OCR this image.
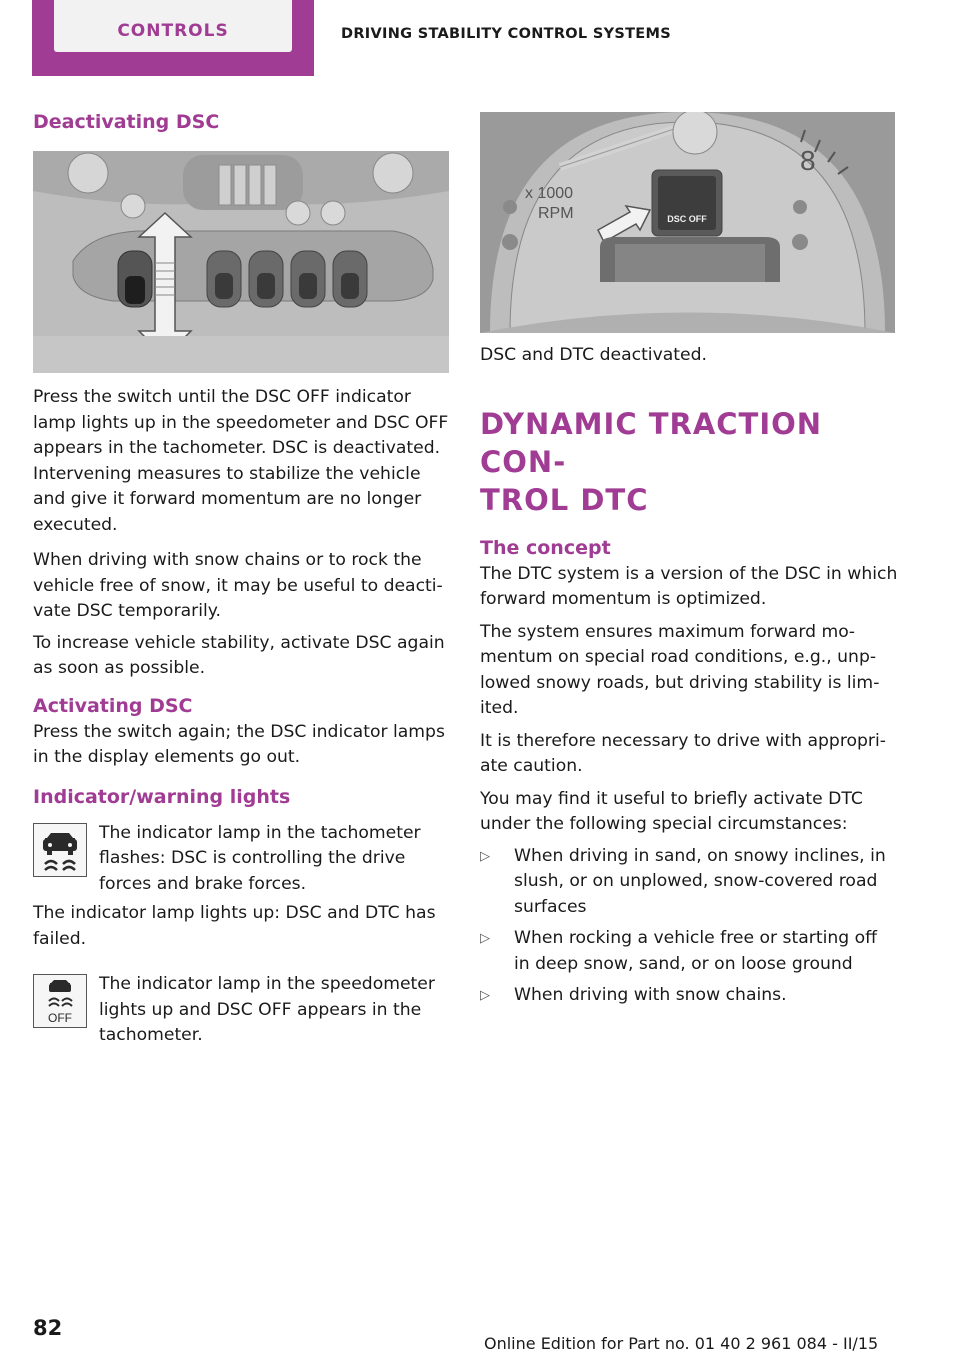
CONTROLS	DRIVING STABILITY CONTROL SYSTEMS
Deactivating DSC

Press the switch until the DSC OFF indicator lamp lights up in the speedometer and DSC OFF appears in the tachometer. DSC is deactivated. Intervening measures to stabilize the vehicle and give it forward momentum are no longer executed.

When driving with snow chains or to rock the vehicle free of snow, it may be useful to deactivate DSC temporarily.

To increase vehicle stability, activate DSC again as soon as possible.

Activating DSC

Press the switch again; the DSC indicator lamps in the display elements go out.

Indicator/warning lights

The indicator lamp in the tachometer flashes: DSC is controlling the drive forces and brake forces.

The indicator lamp lights up: DSC and DTC has failed.

OFF

The indicator lamp in the speedometer lights up and DSC OFF appears in the tachometer.

8
x 1000
RPM	DSC OFF

DSC and DTC deactivated.

DYNAMIC TRACTION CON-
TROL DTC
The concept

The DTC system is a version of the DSC in which forward momentum is optimized.

The system ensures maximum forward momentum on special road conditions, e.g., unplowed snowy roads, but driving stability is limited.

It is therefore necessary to drive with appropriate caution.

You may find it useful to briefly activate DTC under the following special circumstances:

▷ When driving in sand, on snowy inclines, in slush, or on unplowed, snow-covered road surfaces
▷ When rocking a vehicle free or starting off in deep snow, sand, or on loose ground
▷ When driving with snow chains.
82
Online Edition for Part no. 01 40 2 961 084 - II/15
